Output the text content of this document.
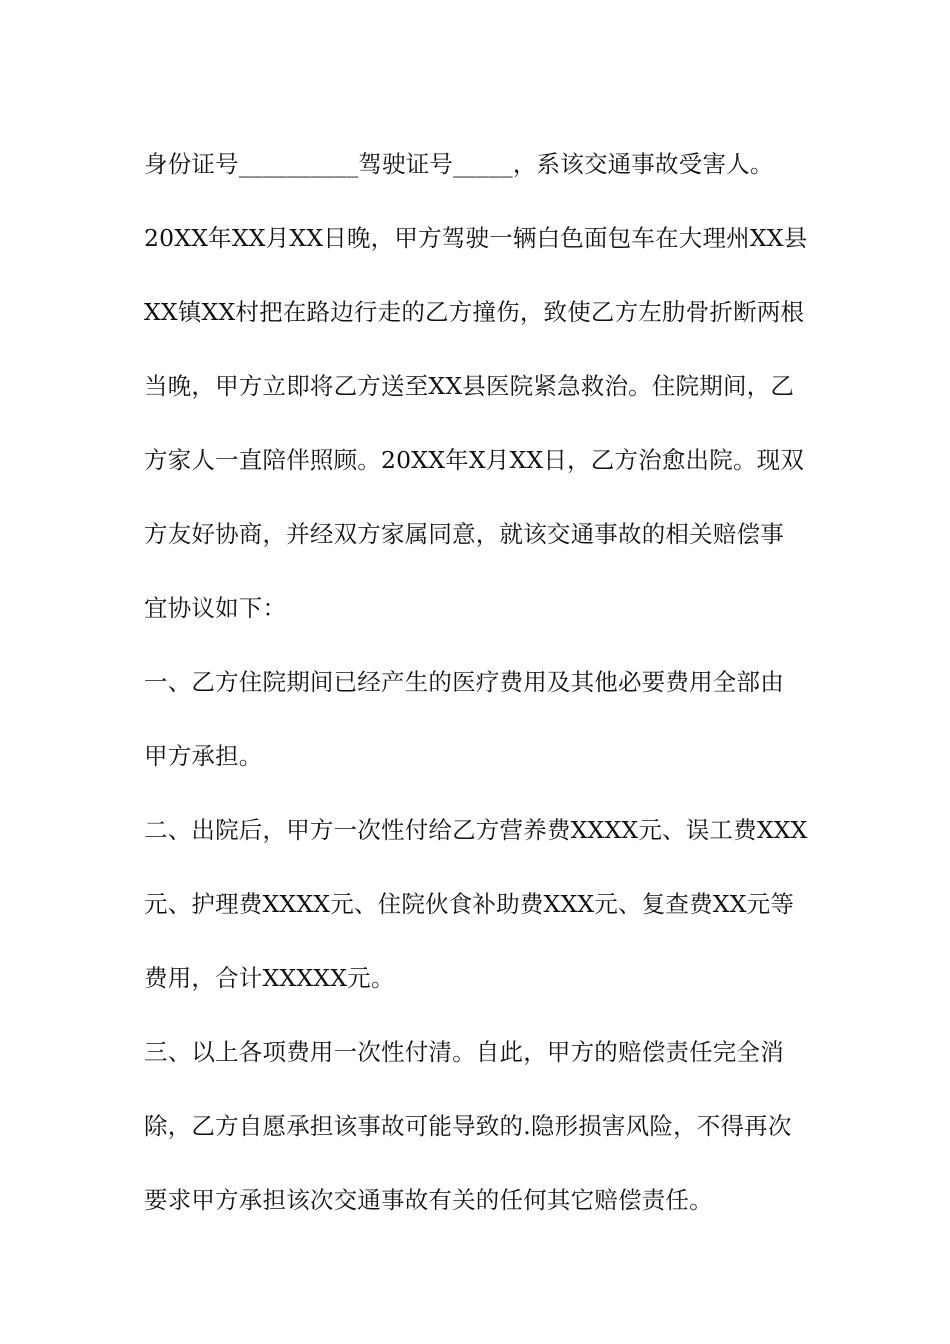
身份证号__________驾驶证号_____，系该交通事故受害人。

20XX年XX月XX日晚，甲方驾驶一辆白色面包车在大理州XX县

XX镇XX村把在路边行走的乙方撞伤，致使乙方左肋骨折断两根

当晚，甲方立即将乙方送至XX县医院紧急救治。住院期间，乙

方家人一直陪伴照顾。20XX年X月XX日，乙方治愈出院。现双

方友好协商，并经双方家属同意，就该交通事故的相关赔偿事

宜协议如下：

一、乙方住院期间已经产生的医疗费用及其他必要费用全部由

甲方承担。

二、出院后，甲方一次性付给乙方营养费XXXX元、误工费XXX

元、护理费XXXX元、住院伙食补助费XXX元、复查费XX元等

费用，合计XXXXX元。

三、以上各项费用一次性付清。自此，甲方的赔偿责任完全消

除，乙方自愿承担该事故可能导致的.隐形损害风险，不得再次

要求甲方承担该次交通事故有关的任何其它赔偿责任。
